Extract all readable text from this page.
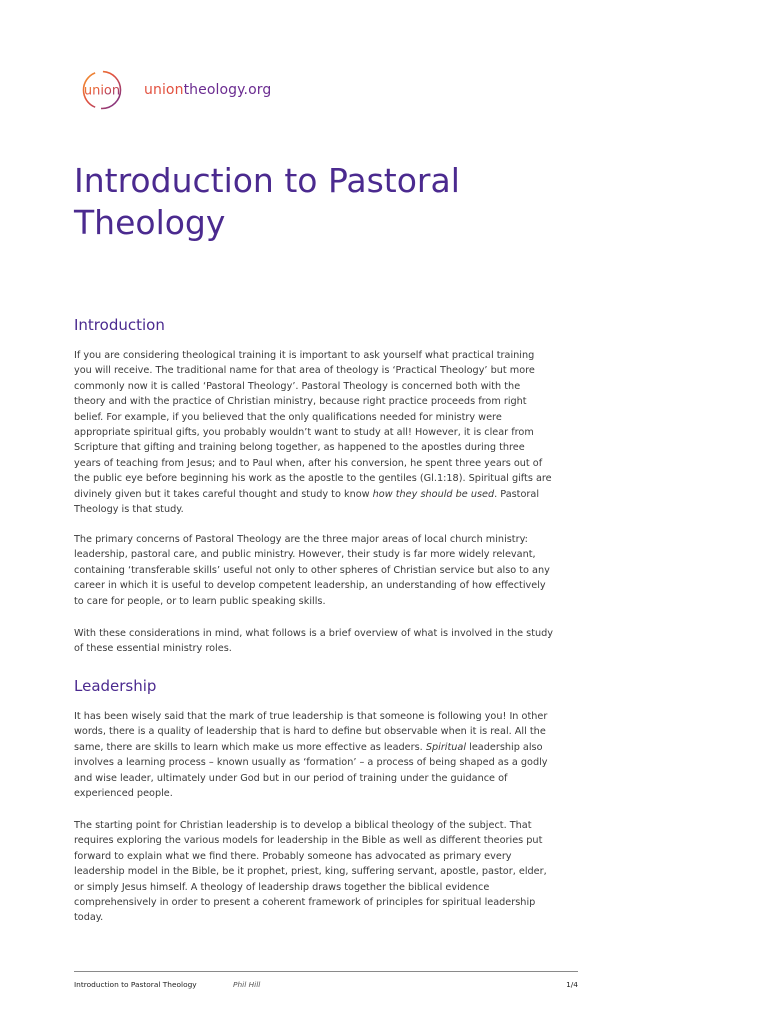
union uniontheology.org
Introduction to Pastoral Theology
Introduction

If you are considering theological training it is important to ask yourself what practical training you will receive. The traditional name for that area of theology is ‘Practical Theology’ but more commonly now it is called ‘Pastoral Theology’. Pastoral Theology is concerned both with the theory and with the practice of Christian ministry, because right practice proceeds from right belief. For example, if you believed that the only qualifications needed for ministry were appropriate spiritual gifts, you probably wouldn’t want to study at all! However, it is clear from Scripture that gifting and training belong together, as happened to the apostles during three years of teaching from Jesus; and to Paul when, after his conversion, he spent three years out of the public eye before beginning his work as the apostle to the gentiles (Gl.1:18). Spiritual gifts are divinely given but it takes careful thought and study to know how they should be used. Pastoral Theology is that study.

The primary concerns of Pastoral Theology are the three major areas of local church ministry: leadership, pastoral care, and public ministry. However, their study is far more widely relevant, containing ‘transferable skills’ useful not only to other spheres of Christian service but also to any career in which it is useful to develop competent leadership, an understanding of how effectively to care for people, or to learn public speaking skills.

With these considerations in mind, what follows is a brief overview of what is involved in the study of these essential ministry roles.

Leadership

It has been wisely said that the mark of true leadership is that someone is following you! In other words, there is a quality of leadership that is hard to define but observable when it is real. All the same, there are skills to learn which make us more effective as leaders. Spiritual leadership also involves a learning process – known usually as ‘formation’ – a process of being shaped as a godly and wise leader, ultimately under God but in our period of training under the guidance of experienced people.

The starting point for Christian leadership is to develop a biblical theology of the subject. That requires exploring the various models for leadership in the Bible as well as different theories put forward to explain what we find there. Probably someone has advocated as primary every leadership model in the Bible, be it prophet, priest, king, suffering servant, apostle, pastor, elder, or simply Jesus himself. A theology of leadership draws together the biblical evidence comprehensively in order to present a coherent framework of principles for spiritual leadership today.

Introduction to Pastoral Theology	Phil Hill	1/4
